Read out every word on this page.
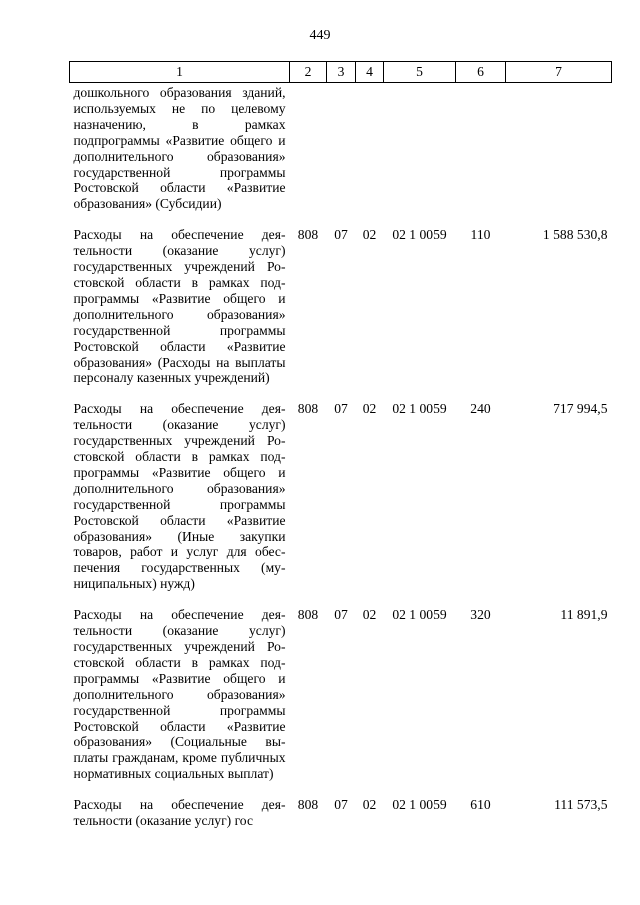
449
1	2	3	4	5	6	7
дошкольного образования зданий, используемых не по целевому назначению, в рамках подпрограммы «Развитие общего и дополнительного образования» государственной программы Ростовской области «Развитие образования» (Субсидии)						
Расходы на обеспечение деятельности (оказание услуг) государственных учреждений Ростовской области в рамках подпрограммы «Развитие общего и дополнительного образования» государственной программы Ростовской области «Развитие образования» (Расходы на выплаты персоналу казенных учреждений)	808	07	02	02 1 0059	110	1 588 530,8
Расходы на обеспечение деятельности (оказание услуг) государственных учреждений Ростовской области в рамках подпрограммы «Развитие общего и дополнительного образования» государственной программы Ростовской области «Развитие образования» (Иные закупки товаров, работ и услуг для обеспечения государственных (муниципальных) нужд)	808	07	02	02 1 0059	240	717 994,5
Расходы на обеспечение деятельности (оказание услуг) государственных учреждений Ростовской области в рамках подпрограммы «Развитие общего и дополнительного образования» государственной программы Ростовской области «Развитие образования» (Социальные выплаты гражданам, кроме публичных нормативных социальных выплат)	808	07	02	02 1 0059	320	11 891,9
Расходы на обеспечение деятельности (оказание услуг) гос	808	07	02	02 1 0059	610	111 573,5
